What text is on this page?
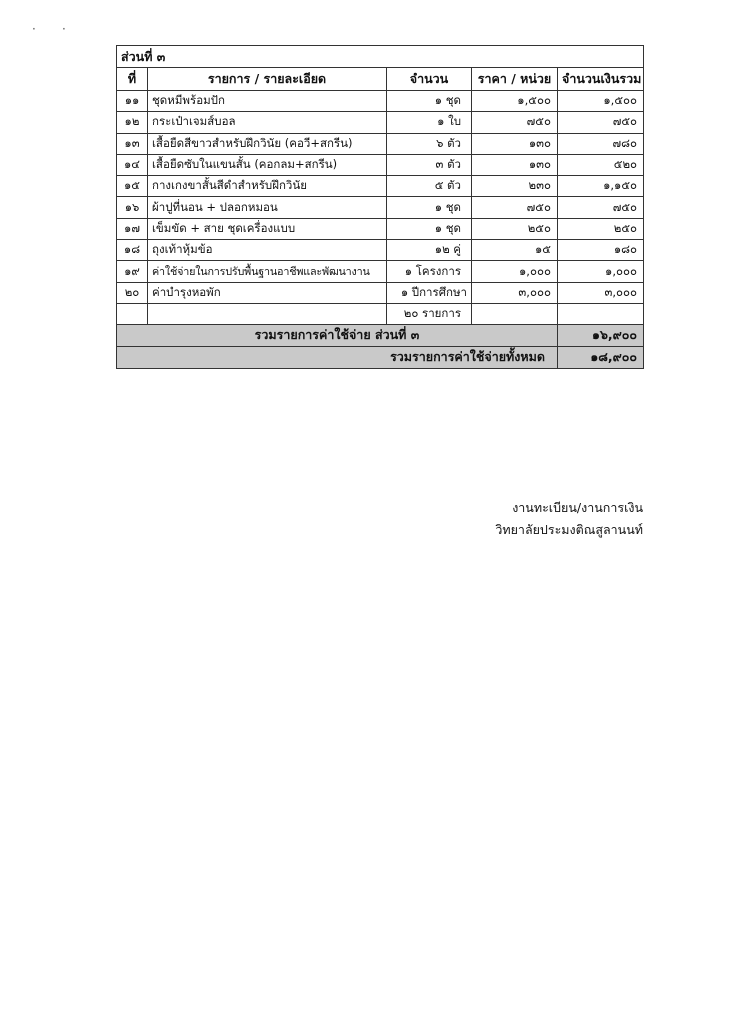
· ·
ส่วนที่ ๓				
ที่	รายการ / รายละเอียด	จำนวน	ราคา / หน่วย	จำนวนเงินรวม
๑๑	ชุดหมีพร้อมปัก	๑ ชุด	๑,๕๐๐	๑,๕๐๐
๑๒	กระเป๋าเจมส์บอล	๑ ใบ	๗๕๐	๗๕๐
๑๓	เสื้อยืดสีขาวสำหรับฝึกวินัย (คอวี+สกรีน)	๖ ตัว	๑๓๐	๗๘๐
๑๔	เสื้อยืดซับในแขนสั้น (คอกลม+สกรีน)	๓ ตัว	๑๓๐	๕๒๐
๑๕	กางเกงขาสั้นสีดำสำหรับฝึกวินัย	๕ ตัว	๒๓๐	๑,๑๕๐
๑๖	ผ้าปูที่นอน + ปลอกหมอน	๑ ชุด	๗๕๐	๗๕๐
๑๗	เข็มขัด + สาย ชุดเครื่องแบบ	๑ ชุด	๒๕๐	๒๕๐
๑๘	ถุงเท้าหุ้มข้อ	๑๒ คู่	๑๕	๑๘๐
๑๙	ค่าใช้จ่ายในการปรับพื้นฐานอาชีพและพัฒนางาน	๑ โครงการ	๑,๐๐๐	๑,๐๐๐
๒๐	ค่าบำรุงหอพัก	๑ ปีการศึกษา	๓,๐๐๐	๓,๐๐๐
		๒๐ รายการ		
รวมรายการค่าใช้จ่าย ส่วนที่ ๓				๑๖,๙๐๐
รวมรายการค่าใช้จ่ายทั้งหมด				๑๘,๙๐๐
งานทะเบียน/งานการเงิน
วิทยาลัยประมงติณสูลานนท์
